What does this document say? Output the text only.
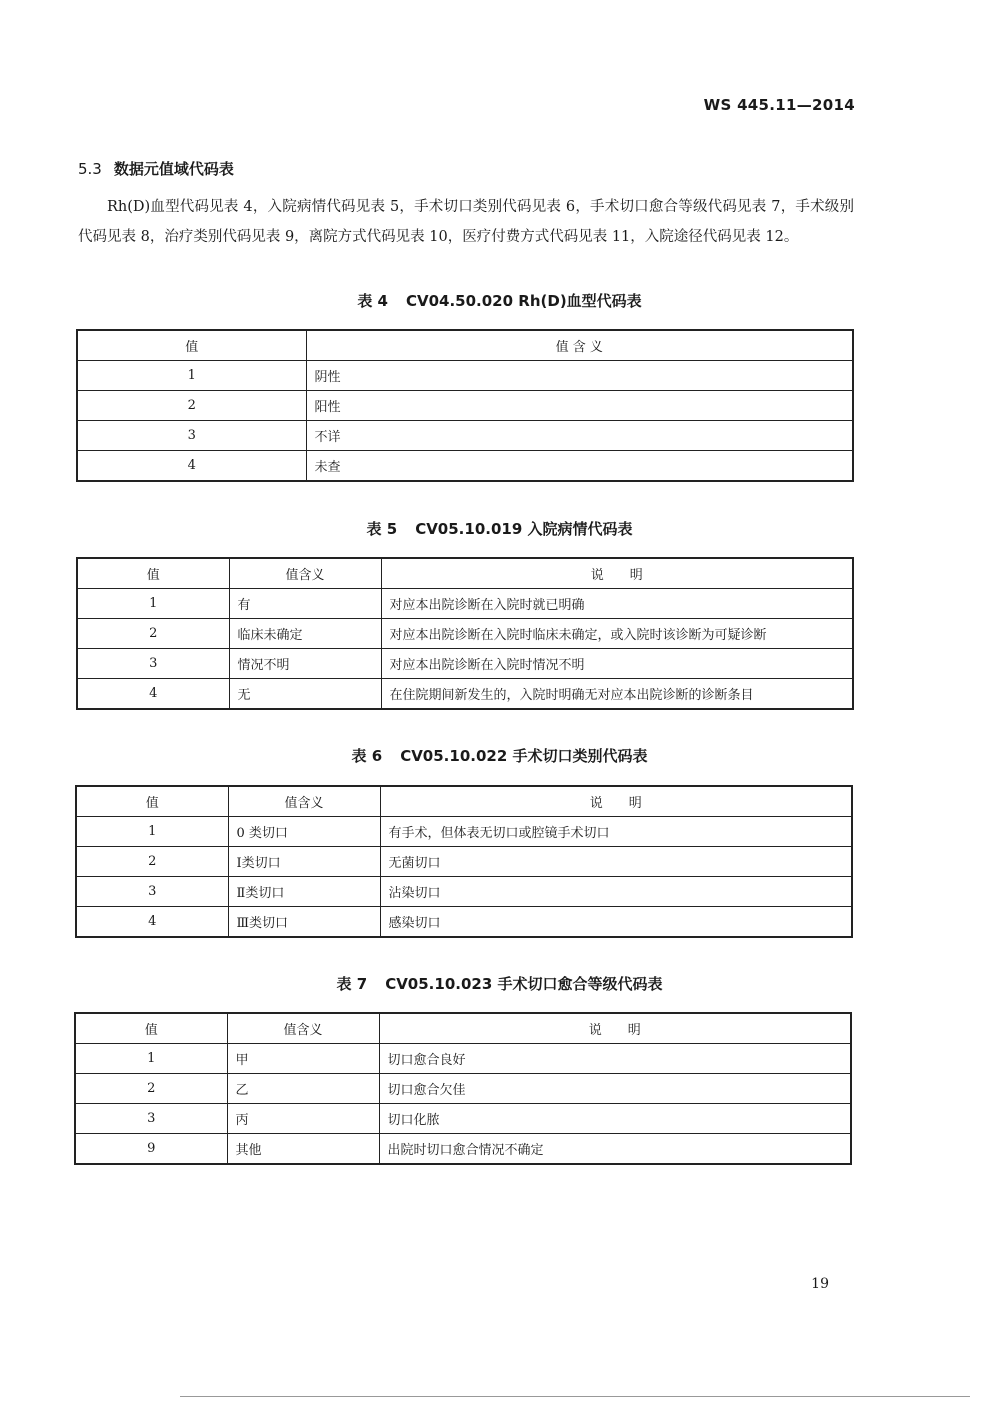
WS 445.11—2014
5.3 数据元值域代码表
Rh(D)血型代码见表 4，入院病情代码见表 5，手术切口类别代码见表 6，手术切口愈合等级代码见表 7，手术级别代码见表 8，治疗类别代码见表 9，离院方式代码见表 10，医疗付费方式代码见表 11，入院途径代码见表 12。
表 4 CV04.50.020 Rh(D)血型代码表
值	值 含 义
1	阴性
2	阳性
3	不详
4	未查
表 5 CV05.10.019 入院病情代码表
值	值含义	说　　明
1	有	对应本出院诊断在入院时就已明确
2	临床未确定	对应本出院诊断在入院时临床未确定，或入院时该诊断为可疑诊断
3	情况不明	对应本出院诊断在入院时情况不明
4	无	在住院期间新发生的，入院时明确无对应本出院诊断的诊断条目
表 6 CV05.10.022 手术切口类别代码表
值	值含义	说　　明
1	0 类切口	有手术，但体表无切口或腔镜手术切口
2	Ⅰ类切口	无菌切口
3	Ⅱ类切口	沾染切口
4	Ⅲ类切口	感染切口
表 7 CV05.10.023 手术切口愈合等级代码表
值	值含义	说　　明
1	甲	切口愈合良好
2	乙	切口愈合欠佳
3	丙	切口化脓
9	其他	出院时切口愈合情况不确定
19
